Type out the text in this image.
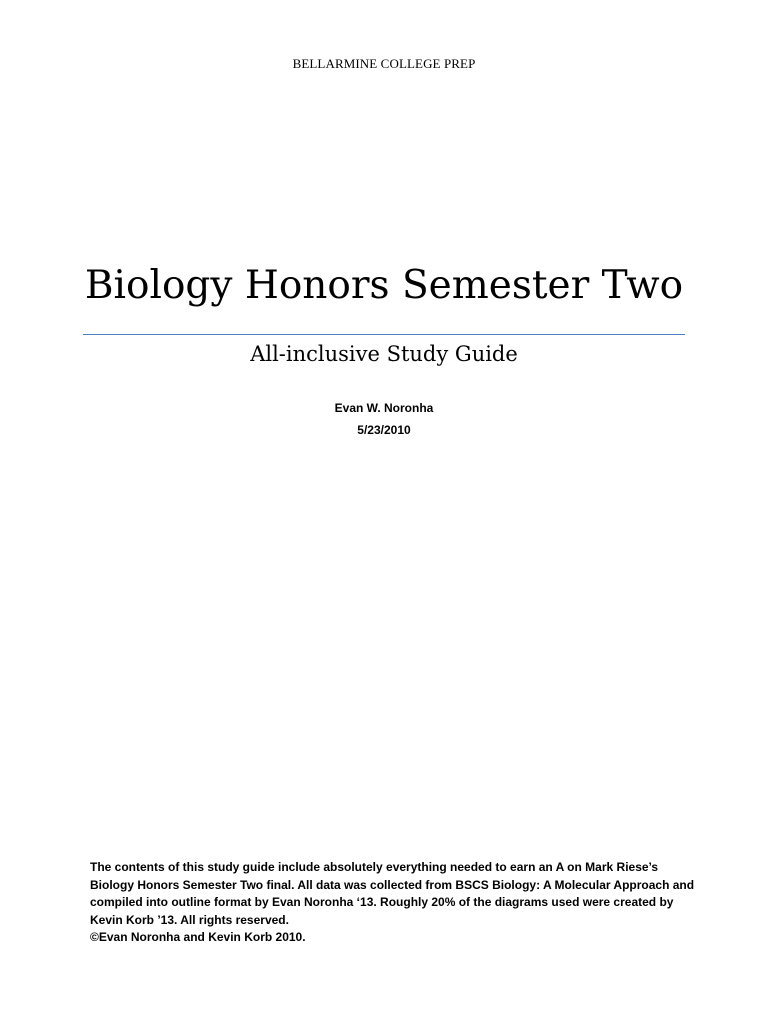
BELLARMINE COLLEGE PREP
Biology Honors Semester Two
All-inclusive Study Guide
Evan W. Noronha
5/23/2010

The contents of this study guide include absolutely everything needed to earn an A on Mark Riese’s Biology Honors Semester Two final. All data was collected from BSCS Biology: A Molecular Approach and compiled into outline format by Evan Noronha ‘13. Roughly 20% of the diagrams used were created by Kevin Korb ’13. All rights reserved.

©Evan Noronha and Kevin Korb 2010.
